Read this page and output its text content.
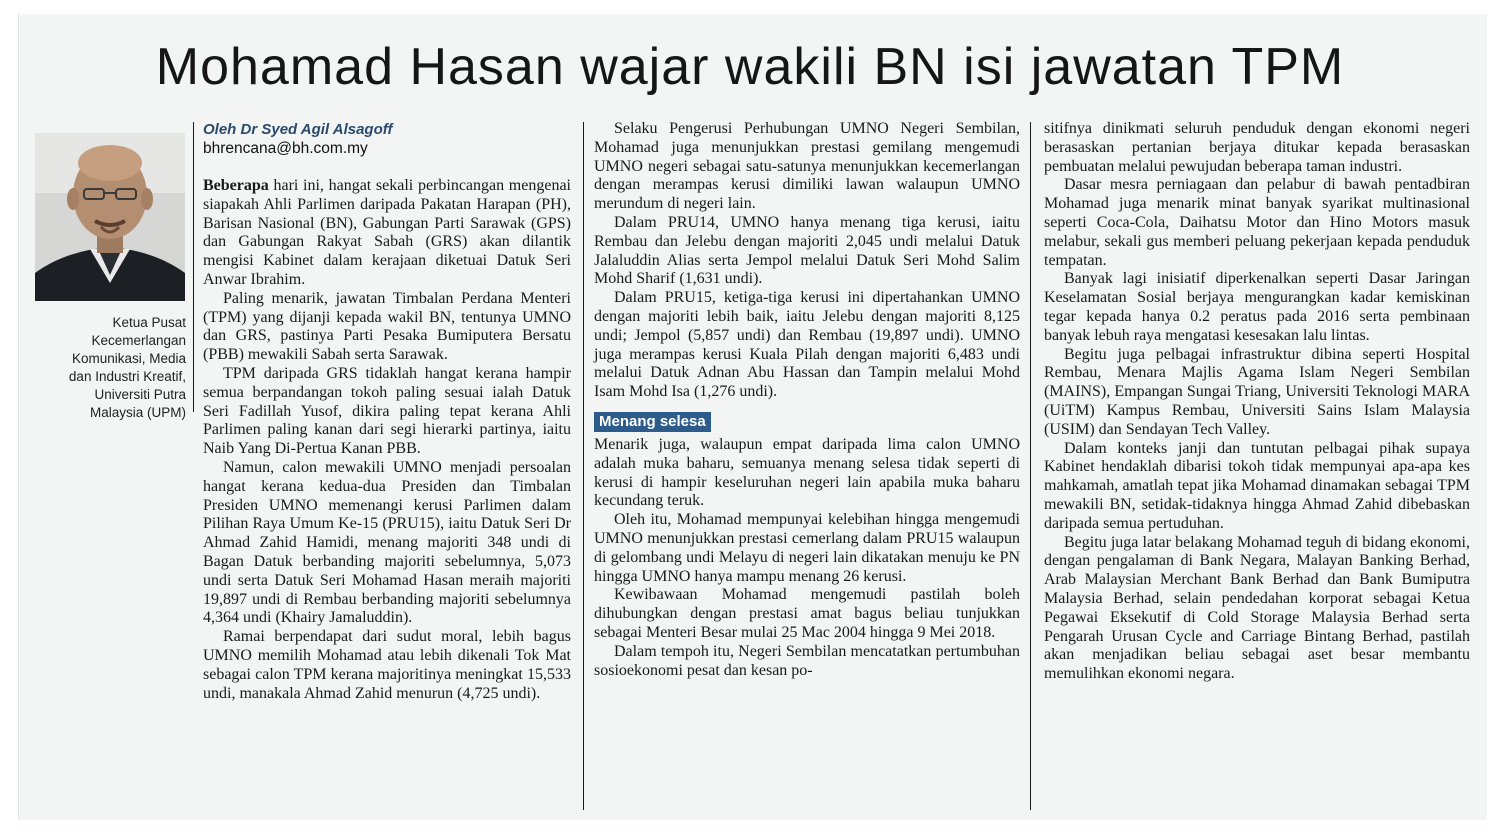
Mohamad Hasan wajar wakili BN isi jawatan TPM
Ketua Pusat
Kecemerlangan
Komunikasi, Media
dan Industri Kreatif,
Universiti Putra
Malaysia (UPM)
Oleh Dr Syed Agil Alsagoff
bhrencana@bh.com.my

Beberapa hari ini, hangat sekali perbincangan mengenai siapakah Ahli Parlimen daripada Pakatan Harapan (PH), Barisan Nasional (BN), Gabungan Parti Sarawak (GPS) dan Gabungan Rakyat Sabah (GRS) akan dilantik mengisi Kabinet dalam kerajaan diketuai Datuk Seri Anwar Ibrahim.

Paling menarik, jawatan Timbalan Perdana Menteri (TPM) yang dijanji kepada wakil BN, tentunya UMNO dan GRS, pastinya Parti Pesaka Bumiputera Bersatu (PBB) mewakili Sabah serta Sarawak.

TPM daripada GRS tidaklah hangat kerana hampir semua berpandangan tokoh paling sesuai ialah Datuk Seri Fadillah Yusof, dikira paling tepat kerana Ahli Parlimen paling kanan dari segi hierarki partinya, iaitu Naib Yang Di-Pertua Kanan PBB.

Namun, calon mewakili UMNO menjadi persoalan hangat kerana kedua-dua Presiden dan Timbalan Presiden UMNO memenangi kerusi Parlimen dalam Pilihan Raya Umum Ke-15 (PRU15), iaitu Datuk Seri Dr Ahmad Zahid Hamidi, menang majoriti 348 undi di Bagan Datuk berbanding majoriti sebelumnya, 5,073 undi serta Datuk Seri Mohamad Hasan meraih majoriti 19,897 undi di Rembau berbanding majoriti sebelumnya 4,364 undi (Khairy Jamaluddin).

Ramai berpendapat dari sudut moral, lebih bagus UMNO memilih Mohamad atau lebih dikenali Tok Mat sebagai calon TPM kerana majoritinya meningkat 15,533 undi, manakala Ahmad Zahid menurun (4,725 undi).

Selaku Pengerusi Perhubungan UMNO Negeri Sembilan, Mohamad juga menunjukkan prestasi gemilang mengemudi UMNO negeri sebagai satu-satunya menunjukkan kecemerlangan dengan merampas kerusi dimiliki lawan walaupun UMNO merundum di negeri lain.

Dalam PRU14, UMNO hanya menang tiga kerusi, iaitu Rembau dan Jelebu dengan majoriti 2,045 undi melalui Datuk Jalaluddin Alias serta Jempol melalui Datuk Seri Mohd Salim Mohd Sharif (1,631 undi).

Dalam PRU15, ketiga-tiga kerusi ini dipertahankan UMNO dengan majoriti lebih baik, iaitu Jelebu dengan majoriti 8,125 undi; Jempol (5,857 undi) dan Rembau (19,897 undi). UMNO juga merampas kerusi Kuala Pilah dengan majoriti 6,483 undi melalui Datuk Adnan Abu Hassan dan Tampin melalui Mohd Isam Mohd Isa (1,276 undi).

Menang selesa

Menarik juga, walaupun empat daripada lima calon UMNO adalah muka baharu, semuanya menang selesa tidak seperti di kerusi di hampir keseluruhan negeri lain apabila muka baharu kecundang teruk.

Oleh itu, Mohamad mempunyai kelebihan hingga mengemudi UMNO menunjukkan prestasi cemerlang dalam PRU15 walaupun di gelombang undi Melayu di negeri lain dikatakan menuju ke PN hingga UMNO hanya mampu menang 26 kerusi.

Kewibawaan Mohamad mengemudi pastilah boleh dihubungkan dengan prestasi amat bagus beliau tunjukkan sebagai Menteri Besar mulai 25 Mac 2004 hingga 9 Mei 2018.

Dalam tempoh itu, Negeri Sembilan mencatatkan pertumbuhan sosioekonomi pesat dan kesan po-

sitifnya dinikmati seluruh penduduk dengan ekonomi negeri berasaskan pertanian berjaya ditukar kepada berasaskan pembuatan melalui pewujudan beberapa taman industri.

Dasar mesra perniagaan dan pelabur di bawah pentadbiran Mohamad juga menarik minat banyak syarikat multinasional seperti Coca-Cola, Daihatsu Motor dan Hino Motors masuk melabur, sekali gus memberi peluang pekerjaan kepada penduduk tempatan.

Banyak lagi inisiatif diperkenalkan seperti Dasar Jaringan Keselamatan Sosial berjaya mengurangkan kadar kemiskinan tegar kepada hanya 0.2 peratus pada 2016 serta pembinaan banyak lebuh raya mengatasi kesesakan lalu lintas.

Begitu juga pelbagai infrastruktur dibina seperti Hospital Rembau, Menara Majlis Agama Islam Negeri Sembilan (MAINS), Empangan Sungai Triang, Universiti Teknologi MARA (UiTM) Kampus Rembau, Universiti Sains Islam Malaysia (USIM) dan Sendayan Tech Valley.

Dalam konteks janji dan tuntutan pelbagai pihak supaya Kabinet hendaklah dibarisi tokoh tidak mempunyai apa-apa kes mahkamah, amatlah tepat jika Mohamad dinamakan sebagai TPM mewakili BN, setidak-tidaknya hingga Ahmad Zahid dibebaskan daripada semua pertuduhan.

Begitu juga latar belakang Mohamad teguh di bidang ekonomi, dengan pengalaman di Bank Negara, Malayan Banking Berhad, Arab Malaysian Merchant Bank Berhad dan Bank Bumiputra Malaysia Berhad, selain pendedahan korporat sebagai Ketua Pegawai Eksekutif di Cold Storage Malaysia Berhad serta Pengarah Urusan Cycle and Carriage Bintang Berhad, pastilah akan menjadikan beliau sebagai aset besar membantu memulihkan ekonomi negara.
